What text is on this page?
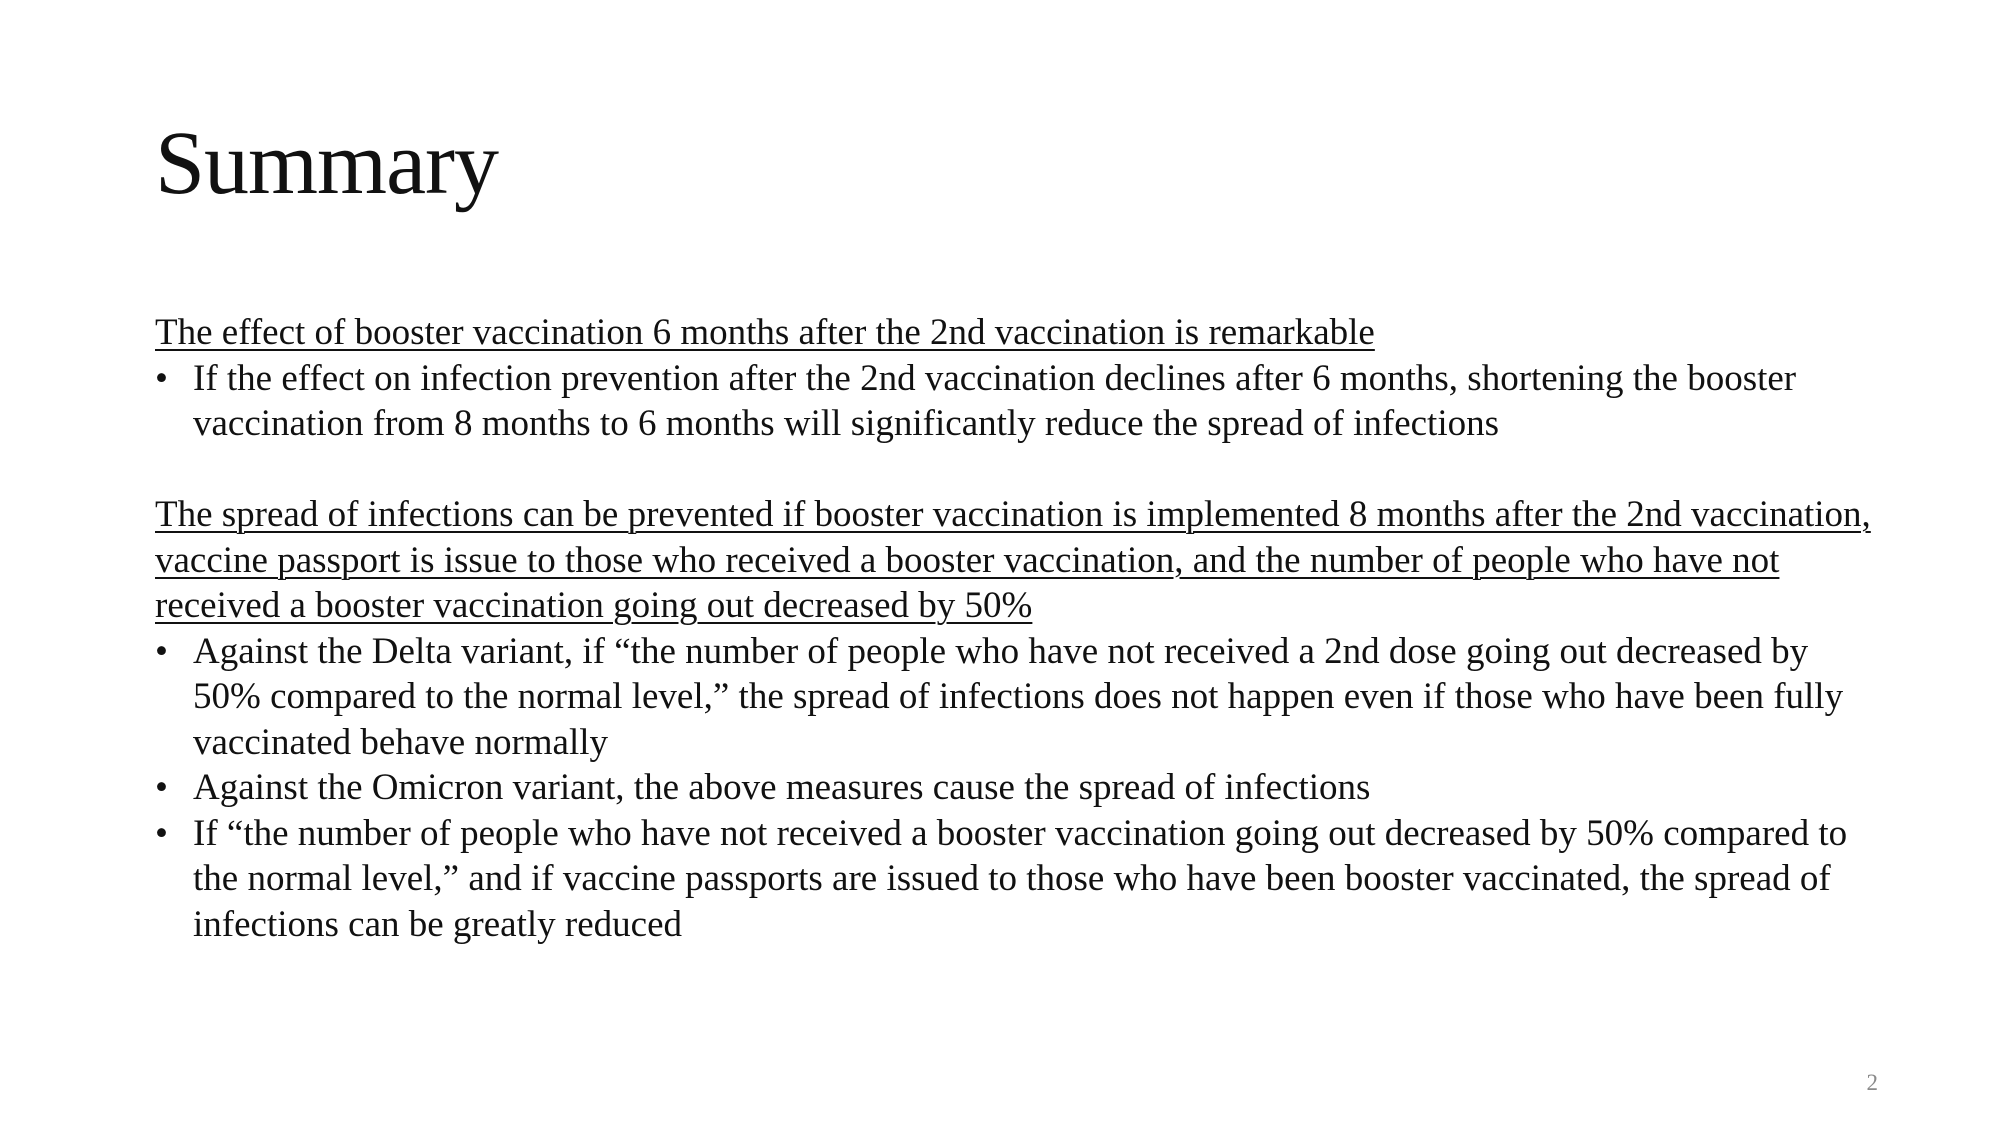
Summary

The effect of booster vaccination 6 months after the 2nd vaccination is remarkable

• If the effect on infection prevention after the 2nd vaccination declines after 6 months, shortening the booster vaccination from 8 months to 6 months will significantly reduce the spread of infections

The spread of infections can be prevented if booster vaccination is implemented 8 months after the 2nd vaccination, vaccine passport is issue to those who received a booster vaccination, and the number of people who have not received a booster vaccination going out decreased by 50%

• Against the Delta variant, if “the number of people who have not received a 2nd dose going out decreased by 50% compared to the normal level,” the spread of infections does not happen even if those who have been fully vaccinated behave normally
• Against the Omicron variant, the above measures cause the spread of infections
• If “the number of people who have not received a booster vaccination going out decreased by 50% compared to the normal level,” and if vaccine passports are issued to those who have been booster vaccinated, the spread of infections can be greatly reduced
2
